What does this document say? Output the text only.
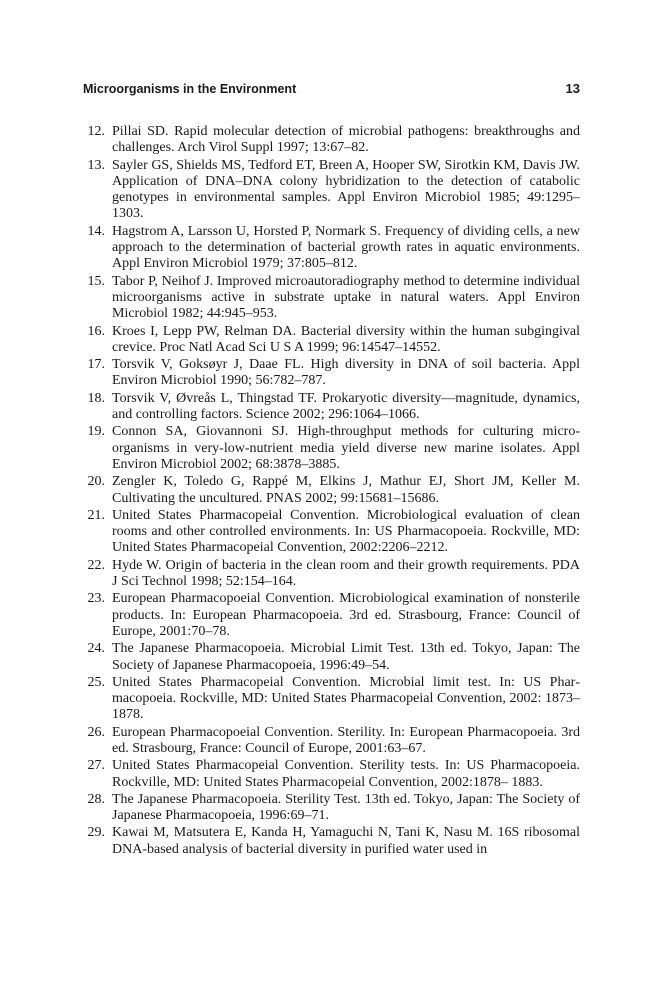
Microorganisms in the Environment	13
12. Pillai SD. Rapid molecular detection of microbial pathogens: breakthroughs and challenges. Arch Virol Suppl 1997; 13:67–82.
13. Sayler GS, Shields MS, Tedford ET, Breen A, Hooper SW, Sirotkin KM, Davis JW. Application of DNA–DNA colony hybridization to the detection of catabolic genotypes in environmental samples. Appl Environ Microbiol 1985; 49:1295–1303.
14. Hagstrom A, Larsson U, Horsted P, Normark S. Frequency of dividing cells, a new approach to the determination of bacterial growth rates in aquatic environments. Appl Environ Microbiol 1979; 37:805–812.
15. Tabor P, Neihof J. Improved microautoradiography method to determine individual microorganisms active in substrate uptake in natural waters. Appl Environ Microbiol 1982; 44:945–953.
16. Kroes I, Lepp PW, Relman DA. Bacterial diversity within the human subgingival crevice. Proc Natl Acad Sci U S A 1999; 96:14547–14552.
17. Torsvik V, Goksøyr J, Daae FL. High diversity in DNA of soil bacteria. Appl Environ Microbiol 1990; 56:782–787.
18. Torsvik V, Øvreås L, Thingstad TF. Prokaryotic diversity—magnitude, dynamics, and controlling factors. Science 2002; 296:1064–1066.
19. Connon SA, Giovannoni SJ. High-throughput methods for culturing microorganisms in very-low-nutrient media yield diverse new marine isolates. Appl Environ Microbiol 2002; 68:3878–3885.
20. Zengler K, Toledo G, Rappé M, Elkins J, Mathur EJ, Short JM, Keller M. Cultivating the uncultured. PNAS 2002; 99:15681–15686.
21. United States Pharmacopeial Convention. Microbiological evaluation of clean rooms and other controlled environments. In: US Pharmacopoeia. Rockville, MD: United States Pharmacopeial Convention, 2002:2206–2212.
22. Hyde W. Origin of bacteria in the clean room and their growth requirements. PDA J Sci Technol 1998; 52:154–164.
23. European Pharmacopoeial Convention. Microbiological examination of nonsterile products. In: European Pharmacopoeia. 3rd ed. Strasbourg, France: Council of Europe, 2001:70–78.
24. The Japanese Pharmacopoeia. Microbial Limit Test. 13th ed. Tokyo, Japan: The Society of Japanese Pharmacopoeia, 1996:49–54.
25. United States Pharmacopeial Convention. Microbial limit test. In: US Pharmacopoeia. Rockville, MD: United States Pharmacopeial Convention, 2002: 1873–1878.
26. European Pharmacopoeial Convention. Sterility. In: European Pharmacopoeia. 3rd ed. Strasbourg, France: Council of Europe, 2001:63–67.
27. United States Pharmacopeial Convention. Sterility tests. In: US Pharmacopoeia. Rockville, MD: United States Pharmacopeial Convention, 2002:1878– 1883.
28. The Japanese Pharmacopoeia. Sterility Test. 13th ed. Tokyo, Japan: The Society of Japanese Pharmacopoeia, 1996:69–71.
29. Kawai M, Matsutera E, Kanda H, Yamaguchi N, Tani K, Nasu M. 16S ribosomal DNA-based analysis of bacterial diversity in purified water used in
